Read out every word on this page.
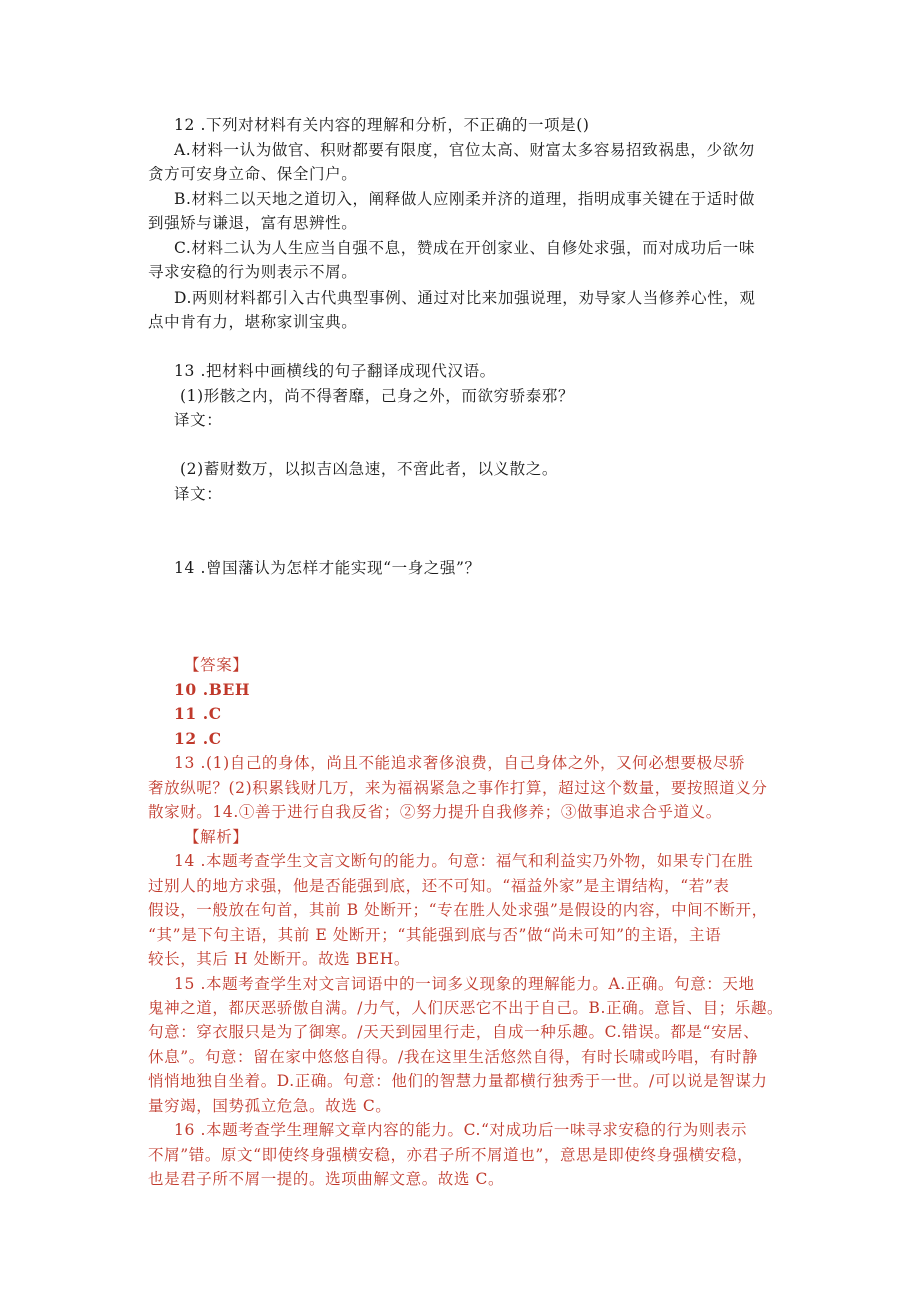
12 .下列对材料有关内容的理解和分析，不正确的一项是()
A.材料一认为做官、积财都要有限度，官位太高、财富太多容易招致祸患，少欲勿
贪方可安身立命、保全门户。
B.材料二以天地之道切入，阐释做人应刚柔并济的道理，指明成事关键在于适时做
到强矫与谦退，富有思辨性。
C.材料二认为人生应当自强不息，赞成在开创家业、自修处求强，而对成功后一味
寻求安稳的行为则表示不屑。
D.两则材料都引入古代典型事例、通过对比来加强说理，劝导家人当修养心性，观
点中肯有力，堪称家训宝典。
13 .把材料中画横线的句子翻译成现代汉语。
(1)形骸之内，尚不得奢靡，己身之外，而欲穷骄泰邪？
译文：
(2)蓄财数万，以拟吉凶急速，不啻此者，以义散之。
译文：
14 .曾国藩认为怎样才能实现“一身之强”？
【答案】
10 .BEH
11 .C
12 .C
13 .(1)自己的身体，尚且不能追求奢侈浪费，自己身体之外，又何必想要极尽骄
奢放纵呢？(2)积累钱财几万，来为福祸紧急之事作打算，超过这个数量，要按照道义分
散家财。14.①善于进行自我反省；②努力提升自我修养；③做事追求合乎道义。
【解析】
14 .本题考查学生文言文断句的能力。句意：福气和利益实乃外物，如果专门在胜
过别人的地方求强，他是否能强到底，还不可知。“福益外家”是主谓结构，“若”表
假设，一般放在句首，其前 B 处断开；“专在胜人处求强”是假设的内容，中间不断开，
“其”是下句主语，其前 E 处断开；“其能强到底与否”做“尚未可知”的主语，主语
较长，其后 H 处断开。故选 BEH。
15 .本题考查学生对文言词语中的一词多义现象的理解能力。A.正确。句意：天地
鬼神之道，都厌恶骄傲自满。/力气，人们厌恶它不出于自己。B.正确。意旨、目；乐趣。
句意：穿衣服只是为了御寒。/天天到园里行走，自成一种乐趣。C.错误。都是“安居、
休息”。句意：留在家中悠悠自得。/我在这里生活悠然自得，有时长啸或吟唱，有时静
悄悄地独自坐着。D.正确。句意：他们的智慧力量都横行独秀于一世。/可以说是智谋力
量穷竭，国势孤立危急。故选 C。
16 .本题考查学生理解文章内容的能力。C.“对成功后一味寻求安稳的行为则表示
不屑”错。原文“即使终身强横安稳，亦君子所不屑道也”，意思是即使终身强横安稳，
也是君子所不屑一提的。选项曲解文意。故选 C。
